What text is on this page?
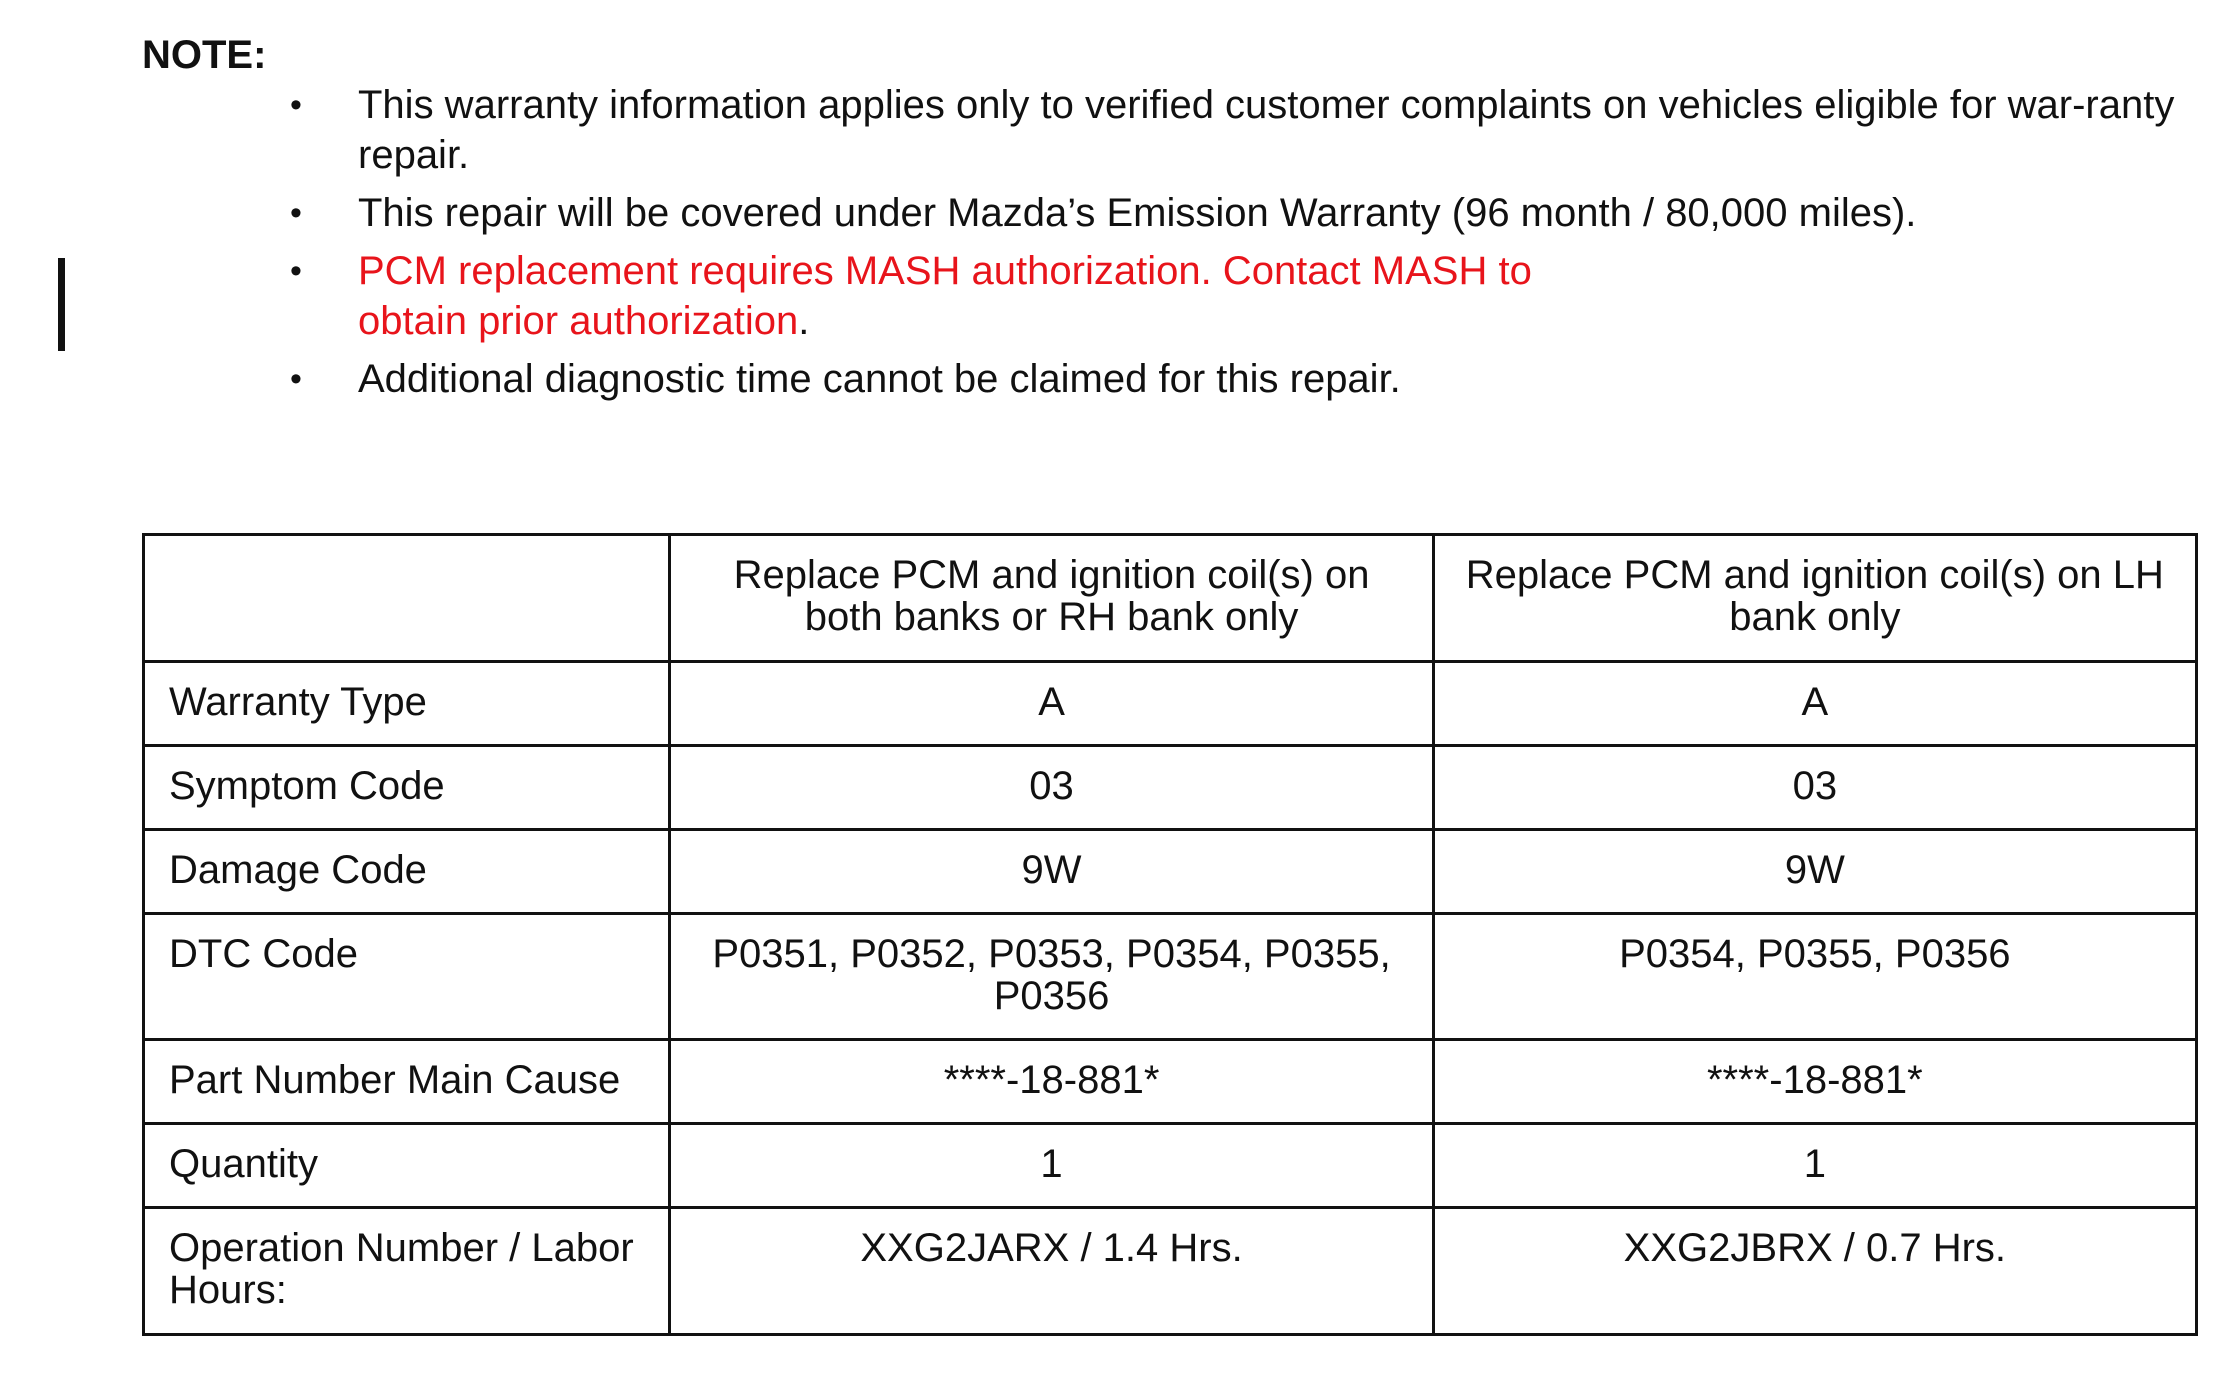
NOTE:
• This warranty information applies only to verified customer complaints on vehicles eligible for war-ranty repair.
• This repair will be covered under Mazda’s Emission Warranty (96 month / 80,000 miles).
• PCM replacement requires MASH authorization. Contact MASH to obtain prior authorization.
• Additional diagnostic time cannot be claimed for this repair.
	Replace PCM and ignition coil(s) on both banks or RH bank only	Replace PCM and ignition coil(s) on LH bank only
Warranty Type	A	A
Symptom Code	03	03
Damage Code	9W	9W
DTC Code	P0351, P0352, P0353, P0354, P0355, P0356	P0354, P0355, P0356
Part Number Main Cause	****-18-881*	****-18-881*
Quantity	1	1
Operation Number / Labor Hours:	XXG2JARX / 1.4 Hrs.	XXG2JBRX / 0.7 Hrs.
